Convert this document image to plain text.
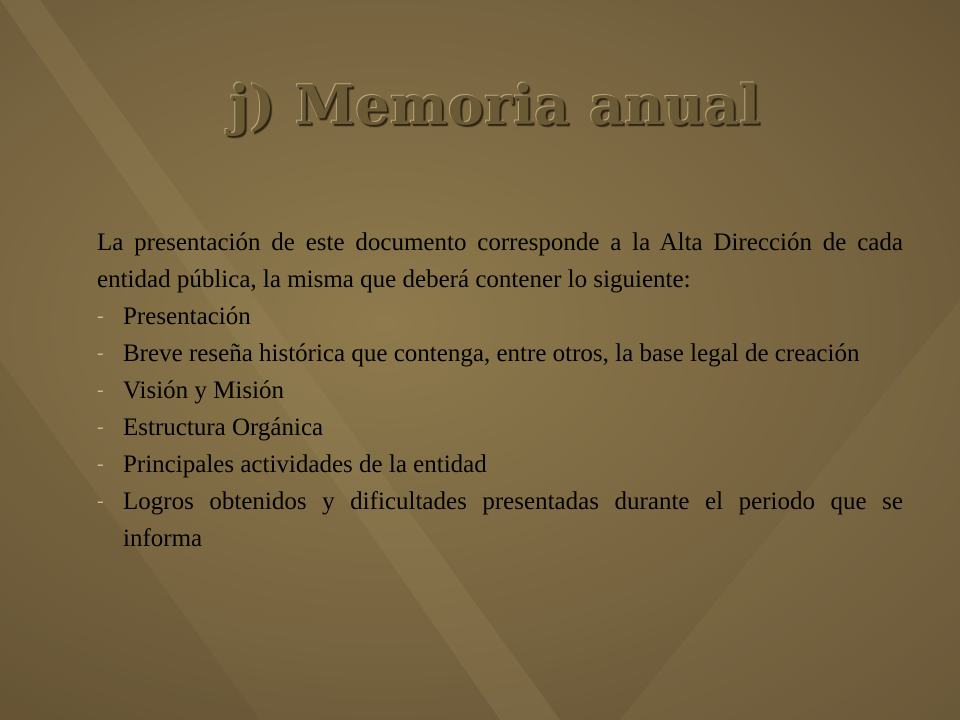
j) Memoria anual

La presentación de este documento corresponde a la Alta Dirección de cada entidad pública, la misma que deberá contener lo siguiente:

- Presentación
- Breve reseña histórica que contenga, entre otros, la base legal de creación
- Visión y Misión
- Estructura Orgánica
- Principales actividades de la entidad
- Logros obtenidos y dificultades presentadas durante el periodo que se informa
